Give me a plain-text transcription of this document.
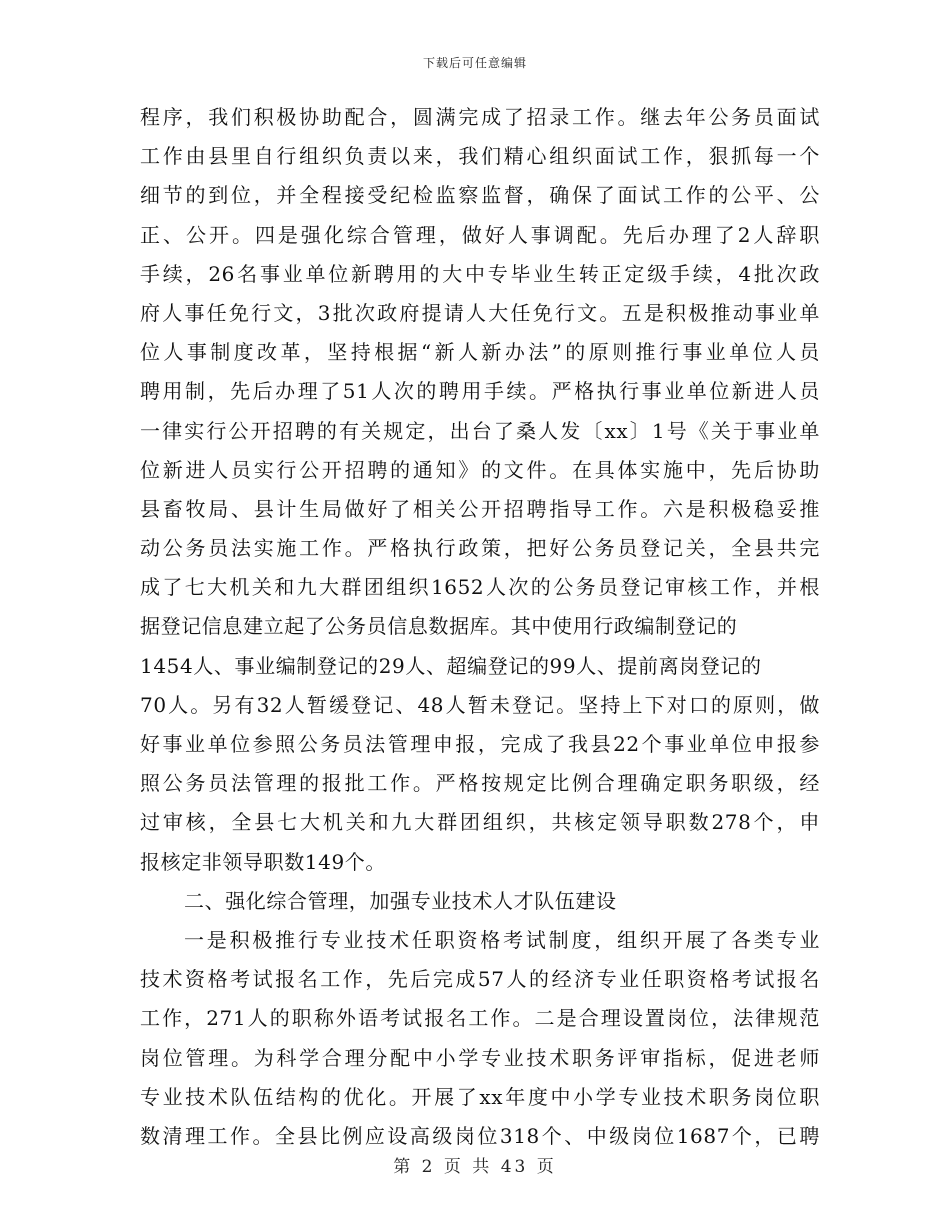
下载后可任意编辑
程序，我们积极协助配合，圆满完成了招录工作。继去年公务员面试
工作由县里自行组织负责以来，我们精心组织面试工作，狠抓每一个
细节的到位，并全程接受纪检监察监督，确保了面试工作的公平、公
正、公开。四是强化综合管理，做好人事调配。先后办理了2人辞职
手续，26名事业单位新聘用的大中专毕业生转正定级手续，4批次政
府人事任免行文，3批次政府提请人大任免行文。五是积极推动事业单
位人事制度改革，坚持根据“新人新办法”的原则推行事业单位人员
聘用制，先后办理了51人次的聘用手续。严格执行事业单位新进人员
一律实行公开招聘的有关规定，出台了桑人发〔xx〕1号《关于事业单
位新进人员实行公开招聘的通知》的文件。在具体实施中，先后协助
县畜牧局、县计生局做好了相关公开招聘指导工作。六是积极稳妥推
动公务员法实施工作。严格执行政策，把好公务员登记关，全县共完
成了七大机关和九大群团组织1652人次的公务员登记审核工作，并根
据登记信息建立起了公务员信息数据库。其中使用行政编制登记的
1454人、事业编制登记的29人、超编登记的99人、提前离岗登记的
70人。另有32人暂缓登记、48人暂未登记。坚持上下对口的原则，做
好事业单位参照公务员法管理申报，完成了我县22个事业单位申报参
照公务员法管理的报批工作。严格按规定比例合理确定职务职级，经
过审核，全县七大机关和九大群团组织，共核定领导职数278个，申
报核定非领导职数149个。
二、强化综合管理，加强专业技术人才队伍建设
一是积极推行专业技术任职资格考试制度，组织开展了各类专业
技术资格考试报名工作，先后完成57人的经济专业任职资格考试报名
工作，271人的职称外语考试报名工作。二是合理设置岗位，法律规范
岗位管理。为科学合理分配中小学专业技术职务评审指标，促进老师
专业技术队伍结构的优化。开展了xx年度中小学专业技术职务岗位职
数清理工作。全县比例应设高级岗位318个、中级岗位1687个，已聘
第 2 页 共 43 页
